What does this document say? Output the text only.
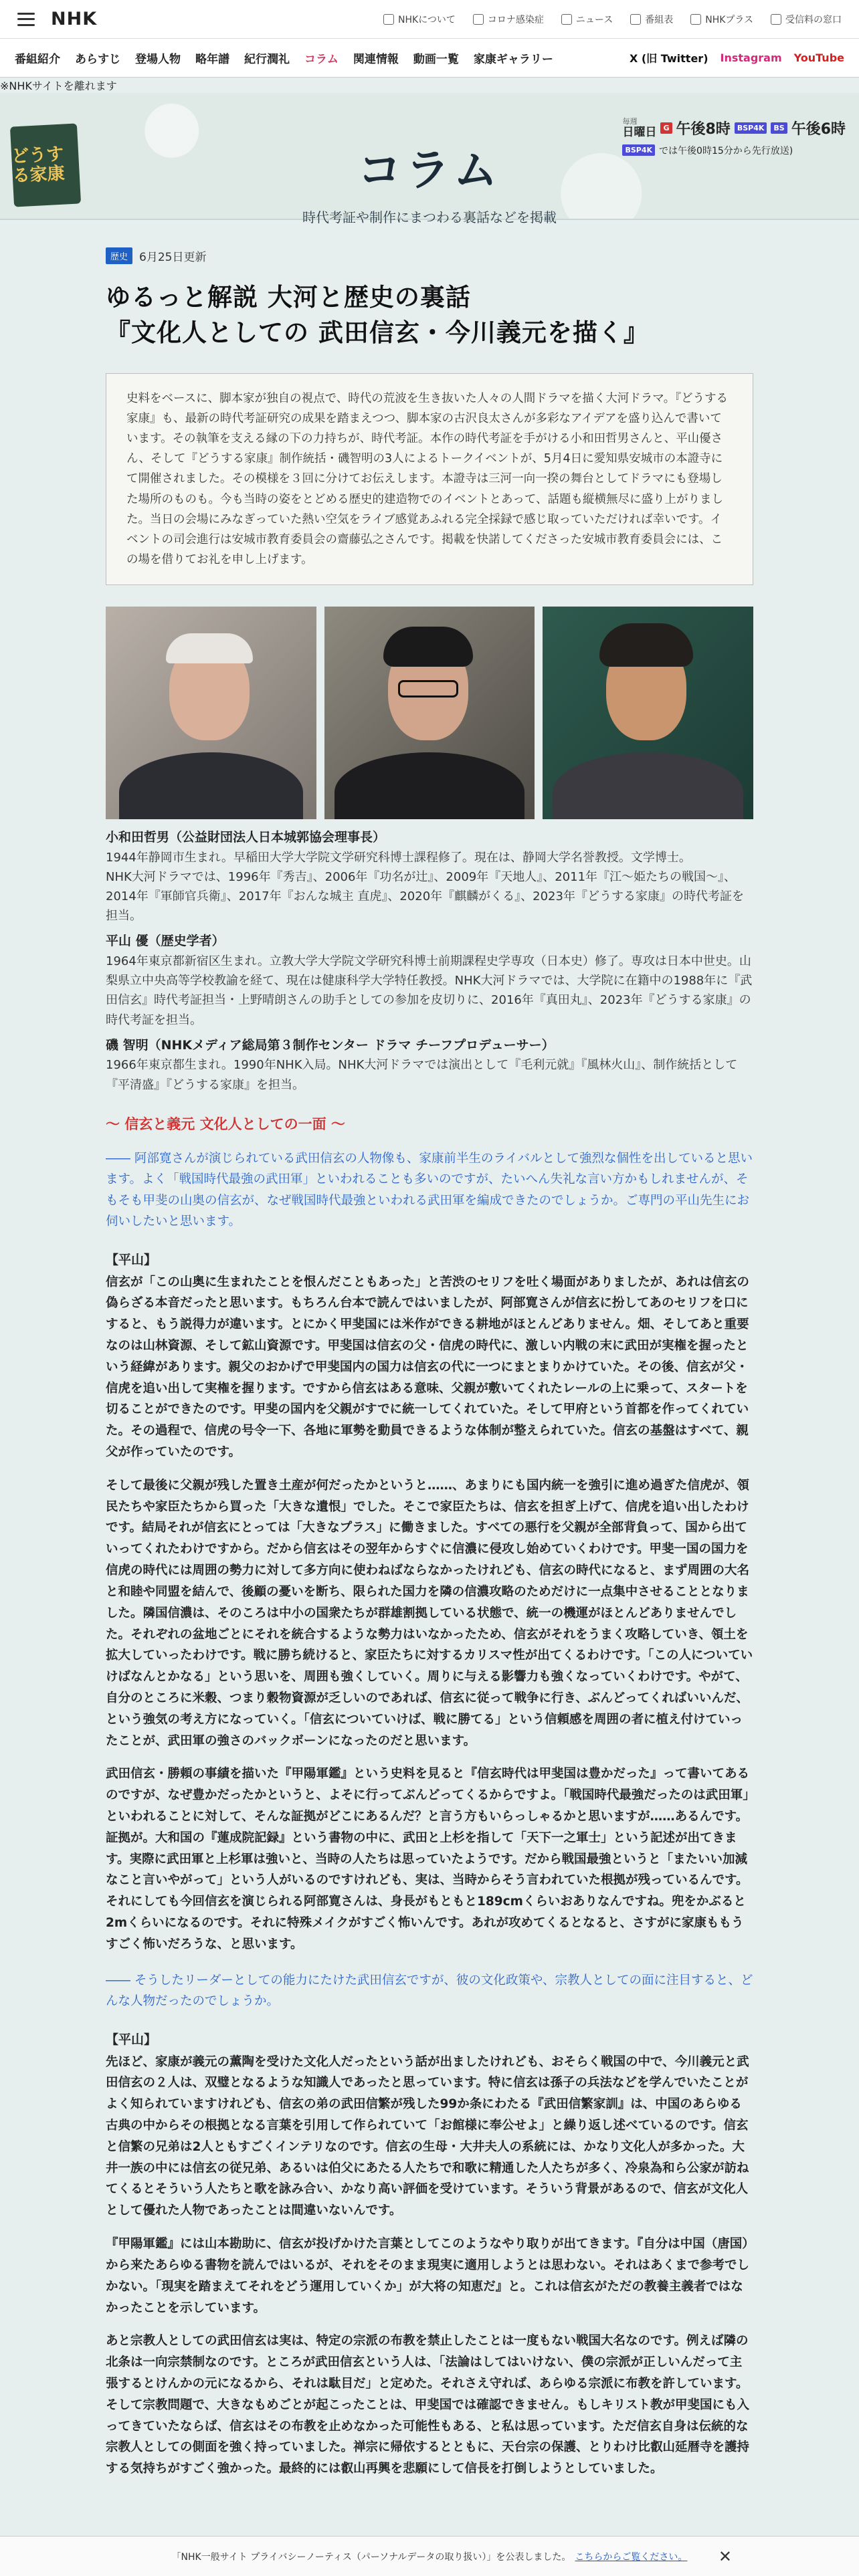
NHK	NHKについて	コロナ感染症	ニュース	番組表	NHKプラス	受信料の窓口
番組紹介 あらすじ 登場人物 略年譜 紀行潤礼 コラム 関連情報 動画一覧 家康ギャラリー	X (旧 Twitter) Instagram YouTube
※NHKサイトを離れます
どうする家康	コラム
時代考証や制作にまつわる裏話などを掲載
毎週
日曜日 G 午後8時 BSP4K	BS 午後6時
BSP4K では午後0時15分から先行放送)
歴史	6月25日更新
ゆるっと解説 大河と歴史の裏話
『文化人としての 武田信玄・今川義元を描く』
史料をベースに、脚本家が独自の視点で、時代の荒波を生き抜いた人々の人間ドラマを描く大河ドラマ。『どうする家康』も、最新の時代考証研究の成果を踏まえつつ、脚本家の古沢良太さんが多彩なアイデアを盛り込んで書いています。その執筆を支える縁の下の力持ちが、時代考証。本作の時代考証を手がける小和田哲男さんと、平山優さん、そして『どうする家康』制作統括・磯智明の3人によるトークイベントが、5月4日に愛知県安城市の本證寺にて開催されました。その模様を３回に分けてお伝えします。本證寺は三河一向一揆の舞台としてドラマにも登場した場所のものも。今も当時の姿をとどめる歴史的建造物でのイベントとあって、話題も縦横無尽に盛り上がりました。当日の会場にみなぎっていた熱い空気をライブ感覚あふれる完全採録で感じ取っていただければ幸いです。イベントの司会進行は安城市教育委員会の齋藤弘之さんです。掲載を快諾してくださった安城市教育委員会には、この場を借りてお礼を申し上げます。
小和田哲男（公益財団法人日本城郭協会理事長）
1944年静岡市生まれ。早稲田大学大学院文学研究科博士課程修了。現在は、静岡大学名誉教授。文学博士。
NHK大河ドラマでは、1996年『秀吉』、2006年『功名が辻』、2009年『天地人』、2011年『江〜姫たちの戦国〜』、2014年『軍師官兵衛』、2017年『おんな城主 直虎』、2020年『麒麟がくる』、2023年『どうする家康』の時代考証を担当。
平山 優（歴史学者）
1964年東京都新宿区生まれ。立教大学大学院文学研究科博士前期課程史学専攻（日本史）修了。専攻は日本中世史。山梨県立中央高等学校教諭を経て、現在は健康科学大学特任教授。NHK大河ドラマでは、大学院に在籍中の1988年に『武田信玄』時代考証担当・上野晴朗さんの助手としての参加を皮切りに、2016年『真田丸』、2023年『どうする家康』の時代考証を担当。
磯 智明（NHKメディア総局第３制作センター ドラマ チーフプロデューサー）
1966年東京都生まれ。1990年NHK入局。NHK大河ドラマでは演出として『毛利元就』『風林火山』、制作統括として『平清盛』『どうする家康』を担当。
〜 信玄と義元 文化人としての一面 〜
―― 阿部寛さんが演じられている武田信玄の人物像も、家康前半生のライバルとして強烈な個性を出していると思います。よく「戦国時代最強の武田軍」といわれることも多いのですが、たいへん失礼な言い方かもしれませんが、そもそも甲斐の山奥の信玄が、なぜ戦国時代最強といわれる武田軍を編成できたのでしょうか。ご専門の平山先生にお伺いしたいと思います。
【平山】
信玄が「この山奥に生まれたことを恨んだこともあった」と苦渋のセリフを吐く場面がありましたが、あれは信玄の偽らざる本音だったと思います。もちろん台本で読んではいましたが、阿部寛さんが信玄に扮してあのセリフを口にすると、もう説得力が違います。とにかく甲斐国には米作ができる耕地がほとんどありません。畑、そしてあと重要なのは山林資源、そして鉱山資源です。甲斐国は信玄の父・信虎の時代に、激しい内戦の末に武田が実権を握ったという経緯があります。親父のおかげで甲斐国内の国力は信玄の代に一つにまとまりかけていた。その後、信玄が父・信虎を追い出して実権を握ります。ですから信玄はある意味、父親が敷いてくれたレールの上に乗って、スタートを切ることができたのです。甲斐の国内を父親がすでに統一してくれていた。そして甲府という首都を作ってくれていた。その過程で、信虎の号令一下、各地に軍勢を動員できるような体制が整えられていた。信玄の基盤はすべて、親父が作っていたのです。
そして最後に父親が残した置き土産が何だったかというと……、あまりにも国内統一を強引に進め過ぎた信虎が、領民たちや家臣たちから買った「大きな遺恨」でした。そこで家臣たちは、信玄を担ぎ上げて、信虎を追い出したわけです。結局それが信玄にとっては「大きなプラス」に働きました。すべての悪行を父親が全部背負って、国から出ていってくれたわけですから。だから信玄はその翌年からすぐに信濃に侵攻し始めていくわけです。甲斐一国の国力を信虎の時代には周囲の勢力に対して多方向に使わねばならなかったけれども、信玄の時代になると、まず周囲の大名と和睦や同盟を結んで、後顧の憂いを断ち、限られた国力を隣の信濃攻略のためだけに一点集中させることとなりました。隣国信濃は、そのころは中小の国衆たちが群雄割拠している状態で、統一の機運がほとんどありませんでした。それぞれの盆地ごとにそれを統合するような勢力はいなかったため、信玄がそれをうまく攻略していき、領土を拡大していったわけです。戦に勝ち続けると、家臣たちに対するカリスマ性が出てくるわけです。「この人についていけばなんとかなる」という思いを、周囲も強くしていく。周りに与える影響力も強くなっていくわけです。やがて、自分のところに米穀、つまり穀物資源が乏しいのであれば、信玄に従って戦争に行き、ぶんどってくればいいんだ、という強気の考え方になっていく。「信玄についていけば、戦に勝てる」という信頼感を周囲の者に植え付けていったことが、武田軍の強さのバックボーンになったのだと思います。
武田信玄・勝頼の事績を描いた『甲陽軍鑑』という史料を見ると『信玄時代は甲斐国は豊かだった』って書いてあるのですが、なぜ豊かだったかというと、よそに行ってぶんどってくるからですよ。「戦国時代最強だったのは武田軍」といわれることに対して、そんな証拠がどこにあるんだ？と言う方もいらっしゃるかと思いますが……あるんです。証拠が。大和国の『蓮成院記録』という書物の中に、武田と上杉を指して「天下一之軍士」という記述が出てきます。実際に武田軍と上杉軍は強いと、当時の人たちは思っていたようです。だから戦国最強というと「またいい加減なこと言いやがって」という人がいるのですけれども、実は、当時からそう言われていた根拠が残っているんです。それにしても今回信玄を演じられる阿部寛さんは、身長がもともと189cmくらいおありなんですね。兜をかぶると2mくらいになるのです。それに特殊メイクがすごく怖いんです。あれが攻めてくるとなると、さすがに家康ももうすごく怖いだろうな、と思います。
―― そうしたリーダーとしての能力にたけた武田信玄ですが、彼の文化政策や、宗教人としての面に注目すると、どんな人物だったのでしょうか。
【平山】
先ほど、家康が義元の薫陶を受けた文化人だったという話が出ましたけれども、おそらく戦国の中で、今川義元と武田信玄の２人は、双璧となるような知識人であったと思っています。特に信玄は孫子の兵法などを学んでいたことがよく知られていますけれども、信玄の弟の武田信繁が残した99か条にわたる『武田信繁家訓』は、中国のあらゆる古典の中からその根拠となる言葉を引用して作られていて「お館様に奉公せよ」と繰り返し述べているのです。信玄と信繁の兄弟は2人ともすごくインテリなのです。信玄の生母・大井夫人の系統には、かなり文化人が多かった。大井一族の中には信玄の従兄弟、あるいは伯父にあたる人たちで和歌に精通した人たちが多く、冷泉為和ら公家が訪ねてくるとそういう人たちと歌を詠み合い、かなり高い評価を受けています。そういう背景があるので、信玄が文化人として優れた人物であったことは間違いないんです。
『甲陽軍鑑』には山本勘助に、信玄が投げかけた言葉としてこのようなやり取りが出てきます。『自分は中国（唐国）から来たあらゆる書物を読んではいるが、それをそのまま現実に適用しようとは思わない。それはあくまで参考でしかない。「現実を踏まえてそれをどう運用していくか」が大将の知恵だ』と。これは信玄がただの教養主義者ではなかったことを示しています。
あと宗教人としての武田信玄は実は、特定の宗派の布教を禁止したことは一度もない戦国大名なのです。例えば隣の北条は一向宗禁制なのです。ところが武田信玄という人は、「法論はしてはいけない、僕の宗派が正しいんだって主張するとけんかの元になるから、それは駄目だ」と定めた。それさえ守れば、あらゆる宗派に布教を許しています。そして宗教問題で、大きなもめごとが起こったことは、甲斐国では確認できません。もしキリスト教が甲斐国にも入ってきていたならば、信玄はその布教を止めなかった可能性もある、と私は思っています。ただ信玄自身は伝統的な宗教人としての側面を強く持っていました。禅宗に帰依するとともに、天台宗の保護、とりわけ比叡山延暦寺を護持する気持ちがすごく強かった。最終的には叡山再興を悲願にして信長を打倒しようとしていました。
「NHK一般サイト プライバシーノーティス（パーソナルデータの取り扱い）」を公表しました。 こちらからご覧ください。 ✕
